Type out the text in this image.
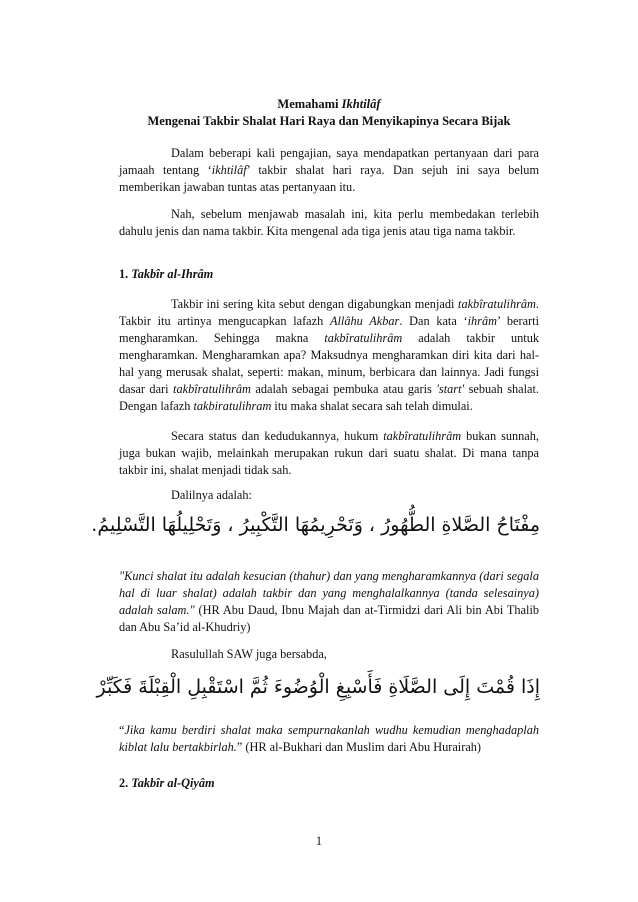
Memahami Ikhtilâf
Mengenai Takbir Shalat Hari Raya dan Menyikapinya Secara Bijak
Dalam beberapi kali pengajian, saya mendapatkan pertanyaan dari para jamaah tentang ‘ikhtilâf’ takbir shalat hari raya. Dan sejuh ini saya belum memberikan jawaban tuntas atas pertanyaan itu.
Nah, sebelum menjawab masalah ini, kita perlu membedakan terlebih dahulu jenis dan nama takbir. Kita mengenal ada tiga jenis atau tiga nama takbir.
1. Takbîr al-Ihrâm
Takbir ini sering kita sebut dengan digabungkan menjadi takbîratulihrâm. Takbir itu artinya mengucapkan lafazh Allâhu Akbar. Dan kata ‘ihrâm’ berarti mengharamkan. Sehingga makna takbîratulihrâm adalah takbir untuk mengharamkan. Mengharamkan apa? Maksudnya mengharamkan diri kita dari hal-hal yang merusak shalat, seperti: makan, minum, berbicara dan lainnya. Jadi fungsi dasar dari takbîratulihrâm adalah sebagai pembuka atau garis 'start' sebuah shalat. Dengan lafazh takbiratulihram itu maka shalat secara sah telah dimulai.
Secara status dan kedudukannya, hukum takbîratulihrâm bukan sunnah, juga bukan wajib, melainkah merupakan rukun dari suatu shalat. Di mana tanpa takbir ini, shalat menjadi tidak sah.
Dalilnya adalah:
مِفْتَاحُ الصَّلاةِ الطُّهُورُ ، وَتَحْرِيمُهَا التَّكْبِيرُ ، وَتَحْلِيلُهَا التَّسْلِيمُ.
"Kunci shalat itu adalah kesucian (thahur) dan yang mengharamkannya (dari segala hal di luar shalat) adalah takbir dan yang menghalalkannya (tanda selesainya) adalah salam." (HR Abu Daud, Ibnu Majah dan at-Tirmidzi dari Ali bin Abi Thalib dan Abu Sa’id al-Khudriy)
Rasulullah SAW juga bersabda,
إِذَا قُمْتَ إِلَى الصَّلَاةِ فَأَسْبِغِ الْوُضُوءَ ثُمَّ اسْتَقْبِلِ الْقِبْلَةَ فَكَبِّرْ
“Jika kamu berdiri shalat maka sempurnakanlah wudhu kemudian menghadaplah kiblat lalu bertakbirlah.” (HR al-Bukhari dan Muslim dari Abu Hurairah)
2. Takbîr al-Qiyâm
1
